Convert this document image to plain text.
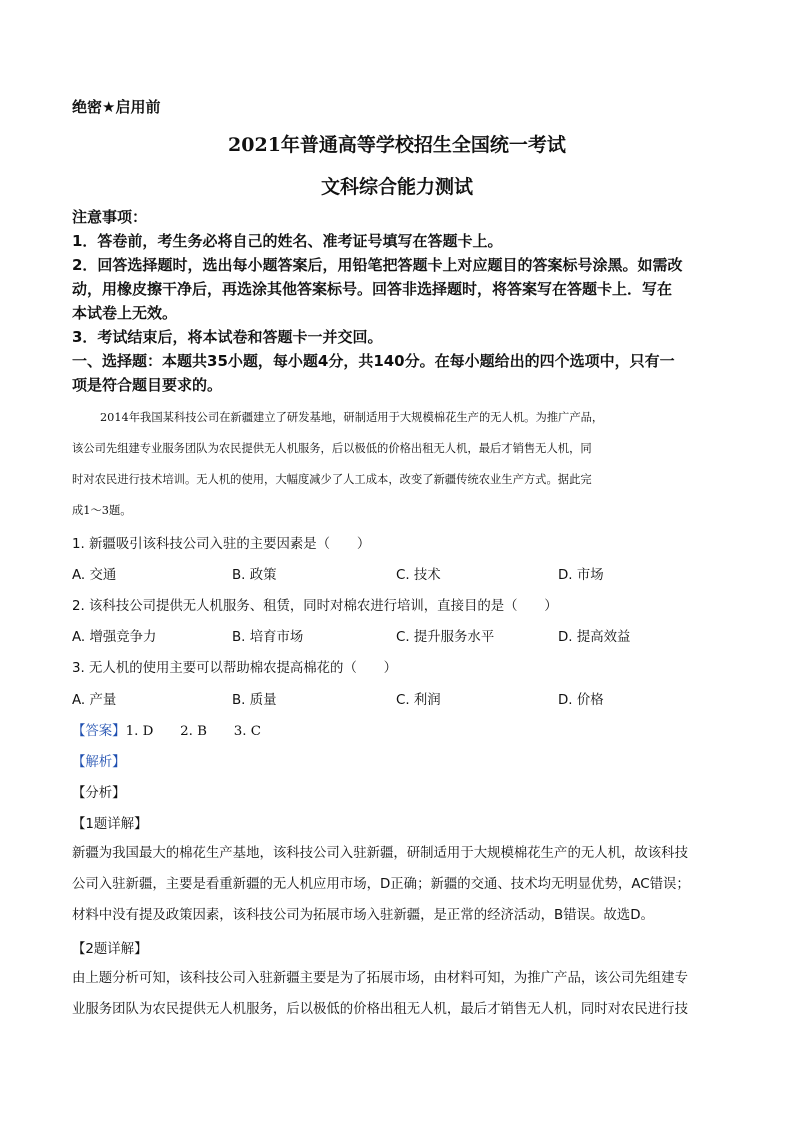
绝密★启用前
2021年普通高等学校招生全国统一考试
文科综合能力测试
注意事项：
1．答卷前，考生务必将自己的姓名、准考证号填写在答题卡上。
2．回答选择题时，选出每小题答案后，用铅笔把答题卡上对应题目的答案标号涂黑。如需改
动，用橡皮擦干净后，再选涂其他答案标号。回答非选择题时，将答案写在答题卡上．写在
本试卷上无效。
3．考试结束后，将本试卷和答题卡一并交回。
一、选择题：本题共35小题，每小题4分，共140分。在每小题给出的四个选项中，只有一
项是符合题目要求的。
2014年我国某科技公司在新疆建立了研发基地，研制适用于大规模棉花生产的无人机。为推广产品，
该公司先组建专业服务团队为农民提供无人机服务，后以极低的价格出租无人机，最后才销售无人机，同
时对农民进行技术培训。无人机的使用，大幅度减少了人工成本，改变了新疆传统农业生产方式。据此完
成1～3题。
1. 新疆吸引该科技公司入驻的主要因素是（　　）
A. 交通	B. 政策	C. 技术	D. 市场
2. 该科技公司提供无人机服务、租赁，同时对棉农进行培训，直接目的是（　　）
A. 增强竞争力	B. 培育市场	C. 提升服务水平	D. 提高效益
3. 无人机的使用主要可以帮助棉农提高棉花的（　　）
A. 产量	B. 质量	C. 利润	D. 价格
【答案】1. D　　2. B　　3. C
【解析】
【分析】
【1题详解】
新疆为我国最大的棉花生产基地，该科技公司入驻新疆，研制适用于大规模棉花生产的无人机，故该科技
公司入驻新疆，主要是看重新疆的无人机应用市场，D正确；新疆的交通、技术均无明显优势，AC错误；
材料中没有提及政策因素，该科技公司为拓展市场入驻新疆，是正常的经济活动，B错误。故选D。
【2题详解】
由上题分析可知，该科技公司入驻新疆主要是为了拓展市场，由材料可知，为推广产品，该公司先组建专
业服务团队为农民提供无人机服务，后以极低的价格出租无人机，最后才销售无人机，同时对农民进行技
